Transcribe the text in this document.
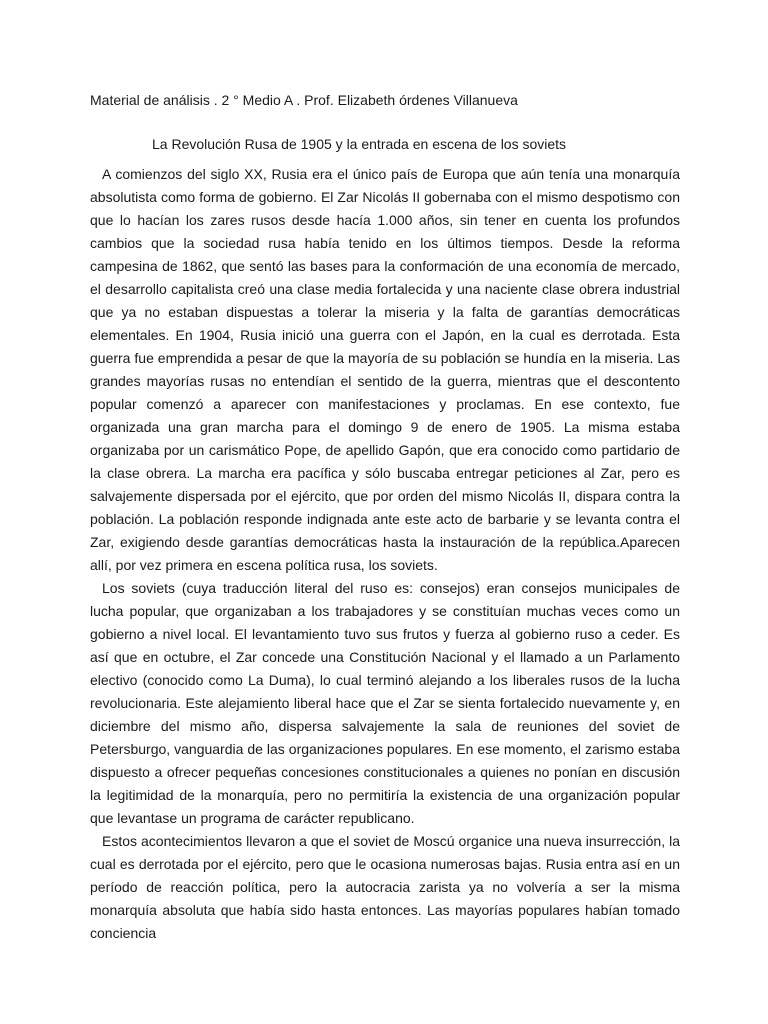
Material de análisis . 2 ° Medio A . Prof. Elizabeth órdenes Villanueva
La Revolución Rusa de 1905 y la entrada en escena de los soviets

A comienzos del siglo XX, Rusia era el único país de Europa que aún tenía una monarquía absolutista como forma de gobierno. El Zar Nicolás II gobernaba con el mismo despotismo con que lo hacían los zares rusos desde hacía 1.000 años, sin tener en cuenta los profundos cambios que la sociedad rusa había tenido en los últimos tiempos. Desde la reforma campesina de 1862, que sentó las bases para la conformación de una economía de mercado, el desarrollo capitalista creó una clase media fortalecida y una naciente clase obrera industrial que ya no estaban dispuestas a tolerar la miseria y la falta de garantías democráticas elementales. En 1904, Rusia inició una guerra con el Japón, en la cual es derrotada. Esta guerra fue emprendida a pesar de que la mayoría de su población se hundía en la miseria. Las grandes mayorías rusas no entendían el sentido de la guerra, mientras que el descontento popular comenzó a aparecer con manifestaciones y proclamas. En ese contexto, fue organizada una gran marcha para el domingo 9 de enero de 1905. La misma estaba organizaba por un carismático Pope, de apellido Gapón, que era conocido como partidario de la clase obrera. La marcha era pacífica y sólo buscaba entregar peticiones al Zar, pero es salvajemente dispersada por el ejército, que por orden del mismo Nicolás II, dispara contra la población. La población responde indignada ante este acto de barbarie y se levanta contra el Zar, exigiendo desde garantías democráticas hasta la instauración de la república.Aparecen allí, por vez primera en escena política rusa, los soviets.

Los soviets (cuya traducción literal del ruso es: consejos) eran consejos municipales de lucha popular, que organizaban a los trabajadores y se constituían muchas veces como un gobierno a nivel local. El levantamiento tuvo sus frutos y fuerza al gobierno ruso a ceder. Es así que en octubre, el Zar concede una Constitución Nacional y el llamado a un Parlamento electivo (conocido como La Duma), lo cual terminó alejando a los liberales rusos de la lucha revolucionaria. Este alejamiento liberal hace que el Zar se sienta fortalecido nuevamente y, en diciembre del mismo año, dispersa salvajemente la sala de reuniones del soviet de Petersburgo, vanguardia de las organizaciones populares. En ese momento, el zarismo estaba dispuesto a ofrecer pequeñas concesiones constitucionales a quienes no ponían en discusión la legitimidad de la monarquía, pero no permitiría la existencia de una organización popular que levantase un programa de carácter republicano.

Estos acontecimientos llevaron a que el soviet de Moscú organice una nueva insurrección, la cual es derrotada por el ejército, pero que le ocasiona numerosas bajas. Rusia entra así en un período de reacción política, pero la autocracia zarista ya no volvería a ser la misma monarquía absoluta que había sido hasta entonces. Las mayorías populares habían tomado conciencia
